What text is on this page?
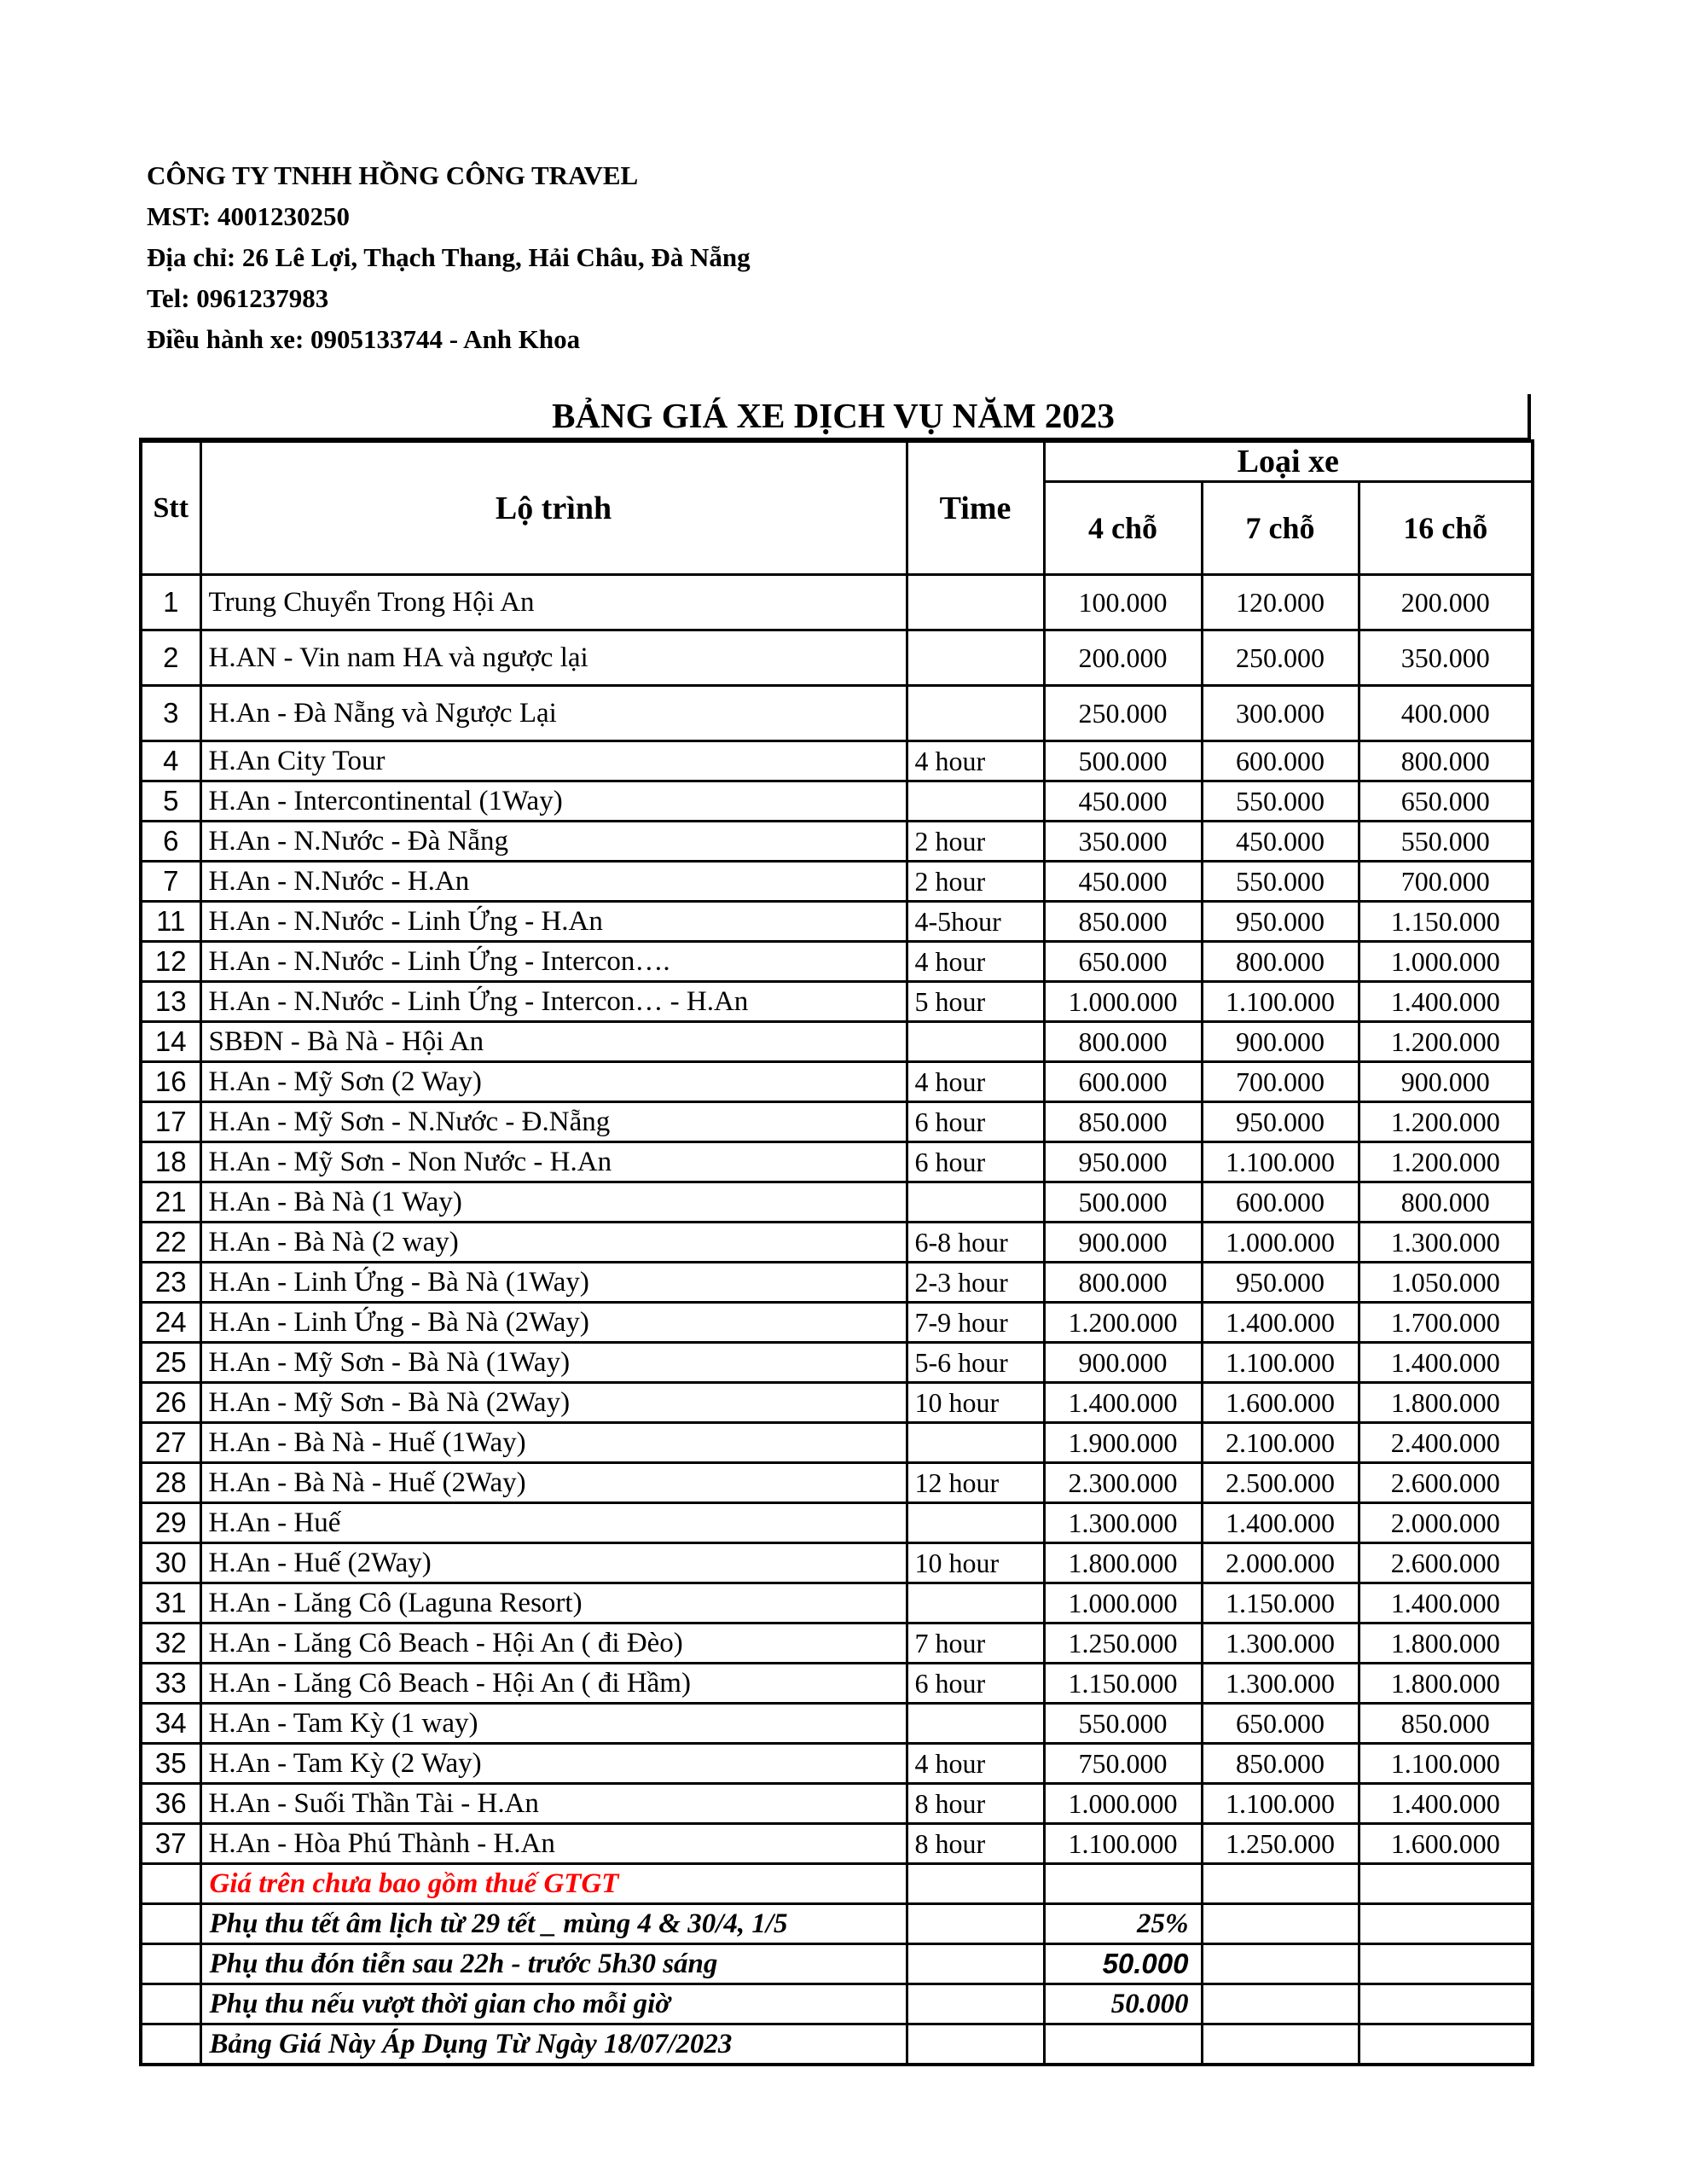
CÔNG TY TNHH HỒNG CÔNG TRAVEL
MST: 4001230250
Địa chỉ: 26 Lê Lợi, Thạch Thang, Hải Châu, Đà Nẵng
Tel: 0961237983
Điều hành xe: 0905133744 - Anh Khoa
BẢNG GIÁ XE DỊCH VỤ NĂM 2023
Stt	Lộ trình	Time	Loại xe		
			4 chỗ	7 chỗ	16 chỗ
1	Trung Chuyển Trong Hội An		100.000	120.000	200.000
2	H.AN - Vin nam HA và ngược lại		200.000	250.000	350.000
3	H.An - Đà Nẵng và Ngược Lại		250.000	300.000	400.000
4	H.An City Tour	4 hour	500.000	600.000	800.000
5	H.An - Intercontinental (1Way)		450.000	550.000	650.000
6	H.An - N.Nước - Đà Nẵng	2 hour	350.000	450.000	550.000
7	H.An - N.Nước - H.An	2 hour	450.000	550.000	700.000
11	H.An - N.Nước - Linh Ứng - H.An	4-5hour	850.000	950.000	1.150.000
12	H.An - N.Nước - Linh Ứng - Intercon….	4 hour	650.000	800.000	1.000.000
13	H.An - N.Nước - Linh Ứng - Intercon… - H.An	5 hour	1.000.000	1.100.000	1.400.000
14	SBĐN - Bà Nà - Hội An		800.000	900.000	1.200.000
16	H.An - Mỹ Sơn (2 Way)	4 hour	600.000	700.000	900.000
17	H.An - Mỹ Sơn - N.Nước - Đ.Nẵng	6 hour	850.000	950.000	1.200.000
18	H.An - Mỹ Sơn - Non Nước - H.An	6 hour	950.000	1.100.000	1.200.000
21	H.An - Bà Nà (1 Way)		500.000	600.000	800.000
22	H.An - Bà Nà (2 way)	6-8 hour	900.000	1.000.000	1.300.000
23	H.An - Linh Ứng - Bà Nà (1Way)	2-3 hour	800.000	950.000	1.050.000
24	H.An - Linh Ứng - Bà Nà (2Way)	7-9 hour	1.200.000	1.400.000	1.700.000
25	H.An - Mỹ Sơn - Bà Nà (1Way)	5-6 hour	900.000	1.100.000	1.400.000
26	H.An - Mỹ Sơn - Bà Nà (2Way)	10 hour	1.400.000	1.600.000	1.800.000
27	H.An - Bà Nà - Huế (1Way)		1.900.000	2.100.000	2.400.000
28	H.An - Bà Nà - Huế (2Way)	12 hour	2.300.000	2.500.000	2.600.000
29	H.An - Huế		1.300.000	1.400.000	2.000.000
30	H.An - Huế (2Way)	10 hour	1.800.000	2.000.000	2.600.000
31	H.An - Lăng Cô (Laguna Resort)		1.000.000	1.150.000	1.400.000
32	H.An - Lăng Cô Beach - Hội An ( đi Đèo)	7 hour	1.250.000	1.300.000	1.800.000
33	H.An - Lăng Cô Beach - Hội An ( đi Hầm)	6 hour	1.150.000	1.300.000	1.800.000
34	H.An - Tam Kỳ (1 way)		550.000	650.000	850.000
35	H.An - Tam Kỳ (2 Way)	4 hour	750.000	850.000	1.100.000
36	H.An - Suối Thần Tài - H.An	8 hour	1.000.000	1.100.000	1.400.000
37	H.An - Hòa Phú Thành - H.An	8 hour	1.100.000	1.250.000	1.600.000
	Giá trên chưa bao gồm thuế GTGT				
	Phụ thu tết âm lịch từ 29 tết _ mùng 4 & 30/4, 1/5		25%		
	Phụ thu đón tiễn sau 22h - trước 5h30 sáng		50.000		
	Phụ thu nếu vượt thời gian cho mỗi giờ		50.000		
	Bảng Giá Này Áp Dụng Từ Ngày 18/07/2023				
